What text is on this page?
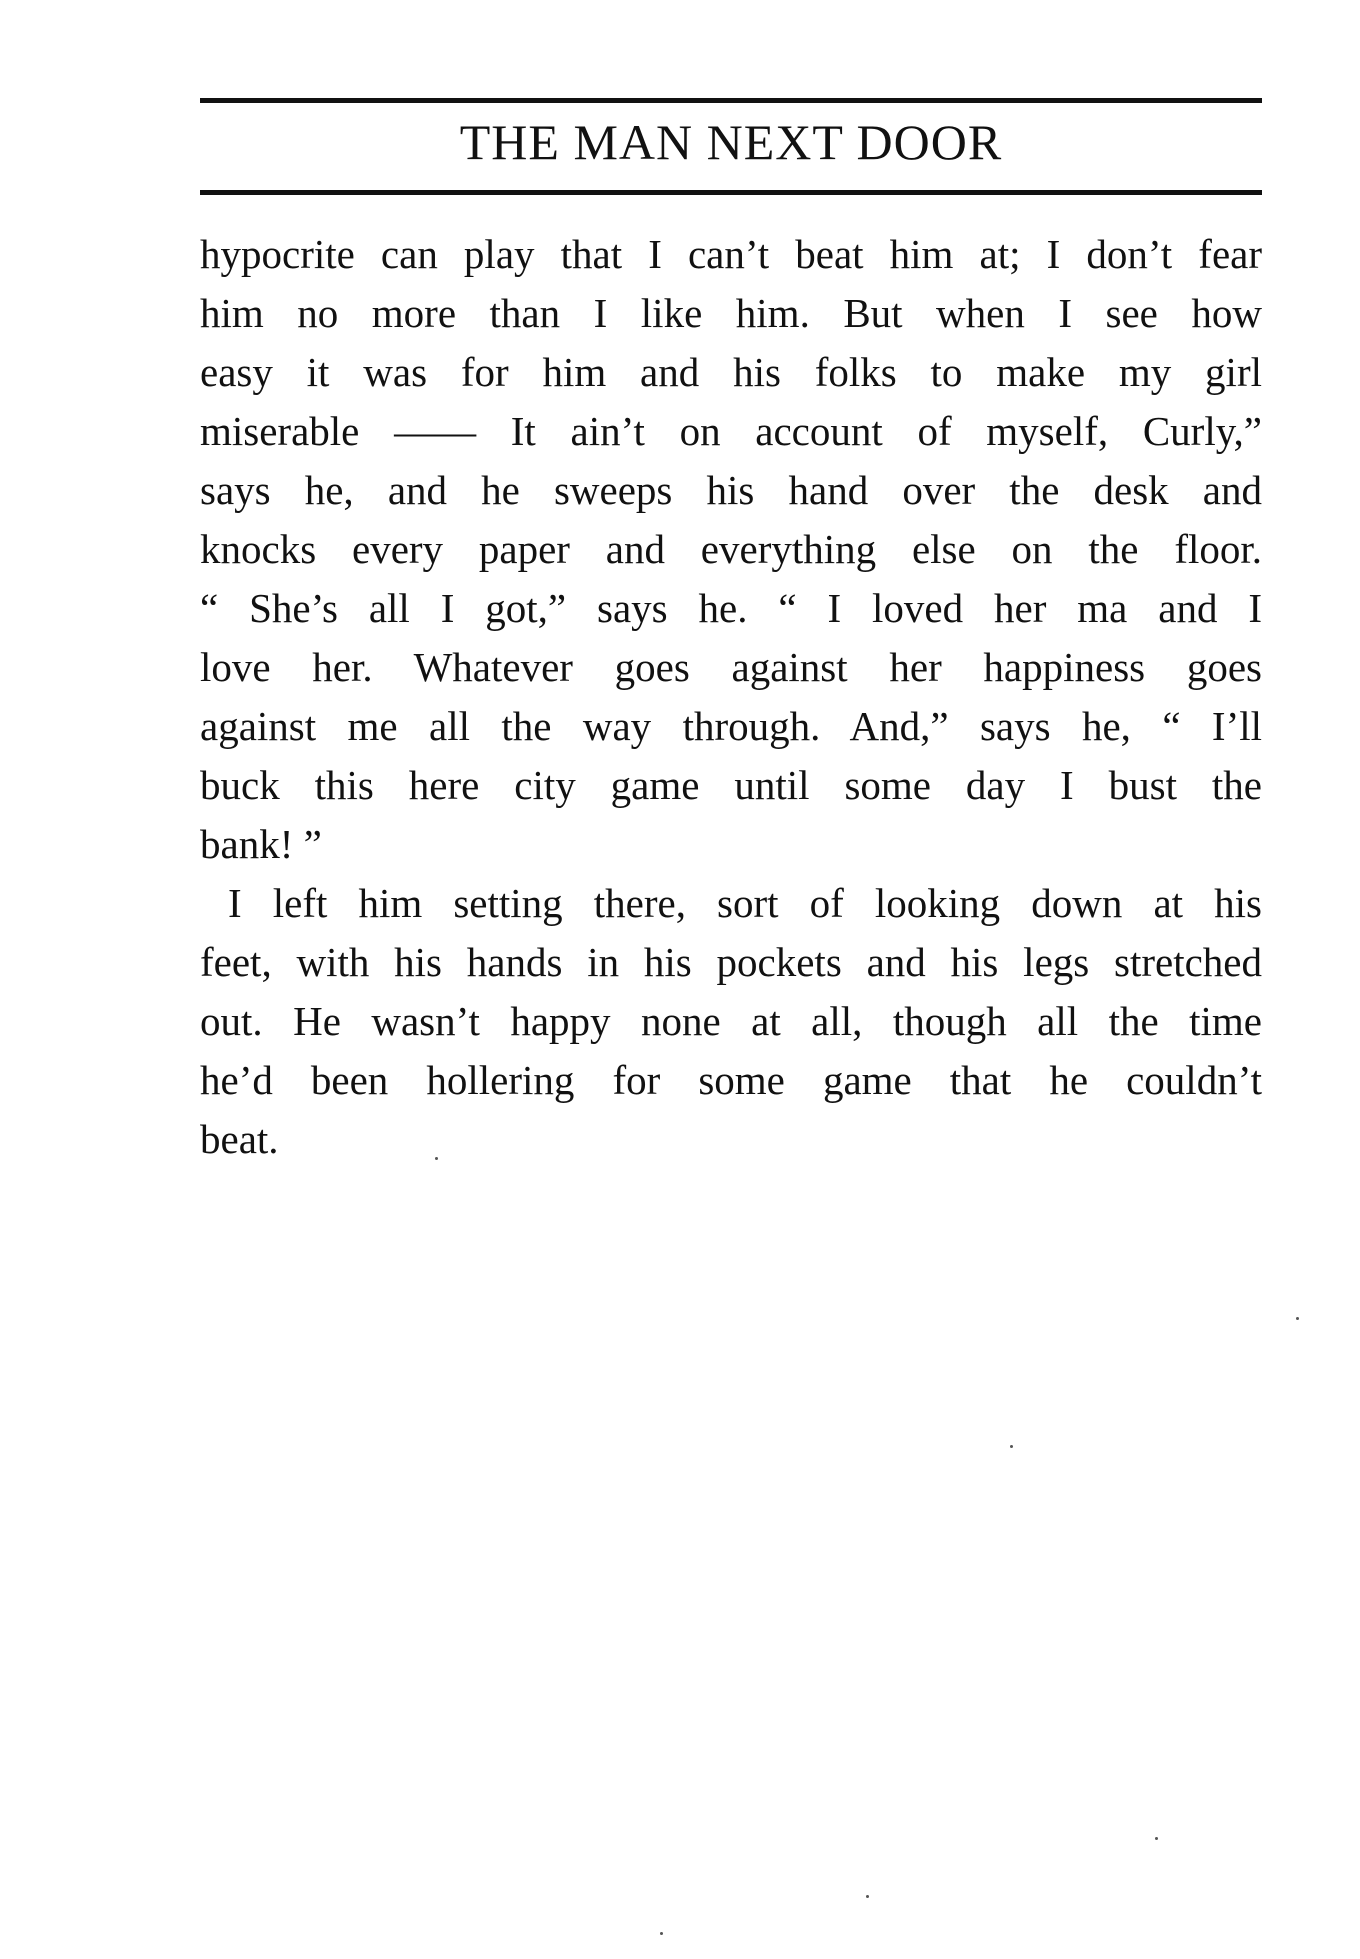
THE MAN NEXT DOOR
hypocrite can play that I can’t beat him at; I don’t fear
him no more than I like him. But when I see how
easy it was for him and his folks to make my girl
miserable —— It ain’t on account of myself, Curly,”
says he, and he sweeps his hand over the desk and
knocks every paper and everything else on the floor.
“ She’s all I got,” says he. “ I loved her ma and I
love her. Whatever goes against her happiness goes
against me all the way through. And,” says he, “ I’ll
buck this here city game until some day I bust the
bank! ”
I left him setting there, sort of looking down at his
feet, with his hands in his pockets and his legs stretched
out. He wasn’t happy none at all, though all the time
he’d been hollering for some game that he couldn’t
beat.
